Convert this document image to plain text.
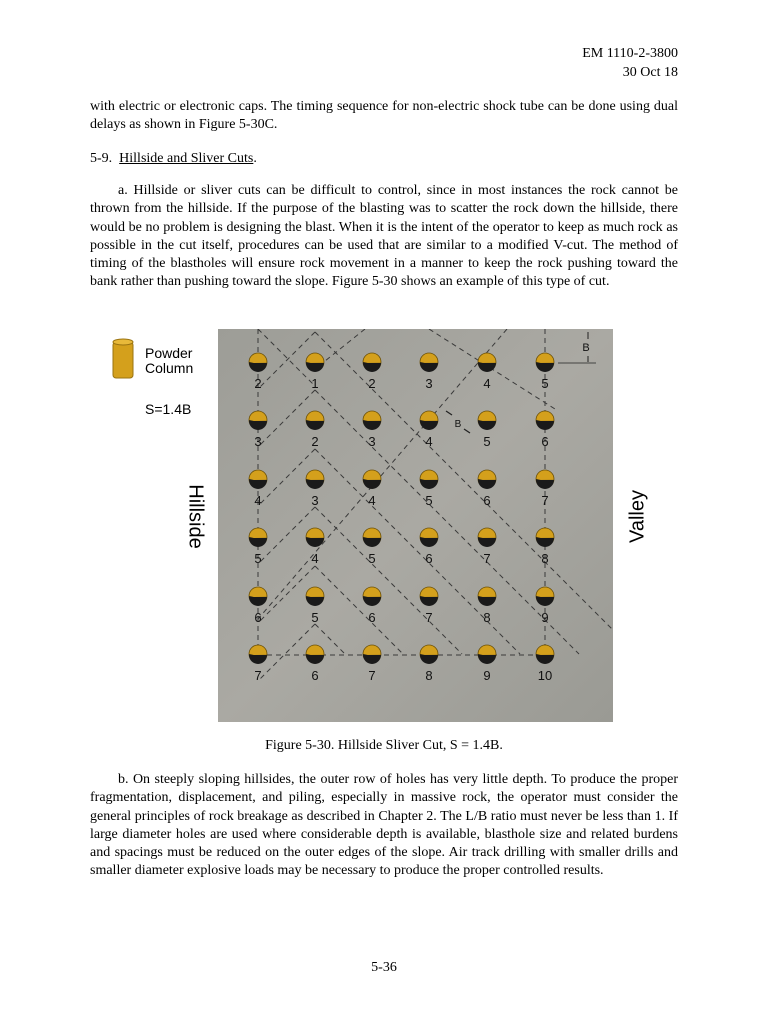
EM 1110-2-3800
30 Oct 18
with electric or electronic caps. The timing sequence for non-electric shock tube can be done using dual delays as shown in Figure 5-30C.
5-9. Hillside and Sliver Cuts.
a. Hillside or sliver cuts can be difficult to control, since in most instances the rock cannot be thrown from the hillside. If the purpose of the blasting was to scatter the rock down the hillside, there would be no problem is designing the blast. When it is the intent of the operator to keep as much rock as possible in the cut itself, procedures can be used that are similar to a modified V-cut. The method of timing of the blastholes will ensure rock movement in a manner to keep the rock pushing toward the bank rather than pushing toward the slope. Figure 5-30 shows an example of this type of cut.
Powder
Column
S=1.4B
Hillside	Valley
2	1	2	3	4	5
3	2	3	4	5	6
4	3	4	5	6	7
5	4	5	6	7	8
6	5	6	7	8	9
7	6	7	8	9	10
B
B
Figure 5-30. Hillside Sliver Cut, S = 1.4B.
b. On steeply sloping hillsides, the outer row of holes has very little depth. To produce the proper fragmentation, displacement, and piling, especially in massive rock, the operator must consider the general principles of rock breakage as described in Chapter 2. The L/B ratio must never be less than 1. If large diameter holes are used where considerable depth is available, blasthole size and related burdens and spacings must be reduced on the outer edges of the slope. Air track drilling with smaller drills and smaller diameter explosive loads may be necessary to produce the proper controlled results.
5-36
